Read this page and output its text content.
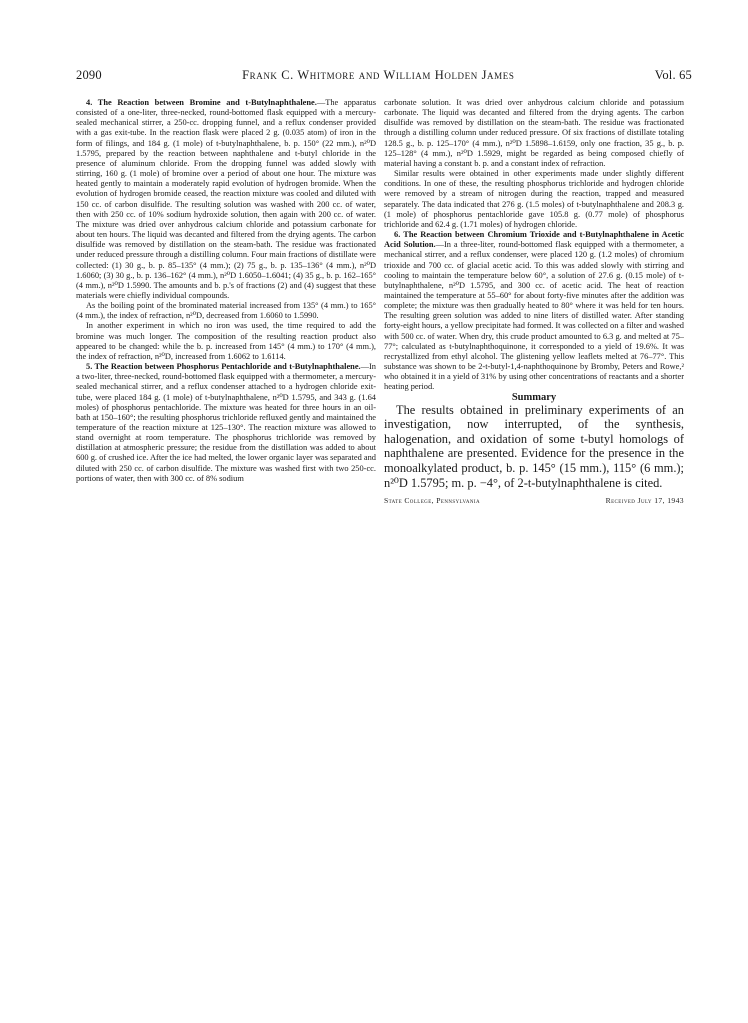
2090	Frank C. Whitmore and William Holden James	Vol. 65

4. The Reaction between Bromine and t-Butylnaphthalene.—The apparatus consisted of a one-liter, three-necked, round-bottomed flask equipped with a mercury-sealed mechanical stirrer, a 250-cc. dropping funnel, and a reflux condenser provided with a gas exit-tube. In the reaction flask were placed 2 g. (0.035 atom) of iron in the form of filings, and 184 g. (1 mole) of t-butylnaphthalene, b. p. 150° (22 mm.), n²⁰D 1.5795, prepared by the reaction between naphthalene and t-butyl chloride in the presence of aluminum chloride. From the dropping funnel was added slowly with stirring, 160 g. (1 mole) of bromine over a period of about one hour. The mixture was heated gently to maintain a moderately rapid evolution of hydrogen bromide. When the evolution of hydrogen bromide ceased, the reaction mixture was cooled and diluted with 150 cc. of carbon disulfide. The resulting solution was washed with 200 cc. of water, then with 250 cc. of 10% sodium hydroxide solution, then again with 200 cc. of water. The mixture was dried over anhydrous calcium chloride and potassium carbonate for about ten hours. The liquid was decanted and filtered from the drying agents. The carbon disulfide was removed by distillation on the steam-bath. The residue was fractionated under reduced pressure through a distilling column. Four main fractions of distillate were collected: (1) 30 g., b. p. 85–135° (4 mm.); (2) 75 g., b. p. 135–136° (4 mm.), n²⁰D 1.6060; (3) 30 g., b. p. 136–162° (4 mm.), n²⁰D 1.6050–1.6041; (4) 35 g., b. p. 162–165° (4 mm.), n²⁰D 1.5990. The amounts and b. p.'s of fractions (2) and (4) suggest that these materials were chiefly individual compounds.

As the boiling point of the brominated material increased from 135° (4 mm.) to 165° (4 mm.), the index of refraction, n²⁰D, decreased from 1.6060 to 1.5990.

In another experiment in which no iron was used, the time required to add the bromine was much longer. The composition of the resulting reaction product also appeared to be changed: while the b. p. increased from 145° (4 mm.) to 170° (4 mm.), the index of refraction, n²⁰D, increased from 1.6062 to 1.6114.

5. The Reaction between Phosphorus Pentachloride and t-Butylnaphthalene.—In a two-liter, three-necked, round-bottomed flask equipped with a thermometer, a mercury-sealed mechanical stirrer, and a reflux condenser attached to a hydrogen chloride exit-tube, were placed 184 g. (1 mole) of t-butylnaphthalene, n²⁰D 1.5795, and 343 g. (1.64 moles) of phosphorus pentachloride. The mixture was heated for three hours in an oil-bath at 150–160°; the resulting phosphorus trichloride refluxed gently and maintained the temperature of the reaction mixture at 125–130°. The reaction mixture was allowed to stand overnight at room temperature. The phosphorus trichloride was removed by distillation at atmospheric pressure; the residue from the distillation was added to about 600 g. of crushed ice. After the ice had melted, the lower organic layer was separated and diluted with 250 cc. of carbon disulfide. The mixture was washed first with two 250-cc. portions of water, then with 300 cc. of 8% sodium

carbonate solution. It was dried over anhydrous calcium chloride and potassium carbonate. The liquid was decanted and filtered from the drying agents. The carbon disulfide was removed by distillation on the steam-bath. The residue was fractionated through a distilling column under reduced pressure. Of six fractions of distillate totaling 128.5 g., b. p. 125–170° (4 mm.), n²⁰D 1.5898–1.6159, only one fraction, 35 g., b. p. 125–128° (4 mm.), n²⁰D 1.5929, might be regarded as being composed chiefly of material having a constant b. p. and a constant index of refraction.

Similar results were obtained in other experiments made under slightly different conditions. In one of these, the resulting phosphorus trichloride and hydrogen chloride were removed by a stream of nitrogen during the reaction, trapped and measured separately. The data indicated that 276 g. (1.5 moles) of t-butylnaphthalene and 208.3 g. (1 mole) of phosphorus pentachloride gave 105.8 g. (0.77 mole) of phosphorus trichloride and 62.4 g. (1.71 moles) of hydrogen chloride.

6. The Reaction between Chromium Trioxide and t-Butylnaphthalene in Acetic Acid Solution.—In a three-liter, round-bottomed flask equipped with a thermometer, a mechanical stirrer, and a reflux condenser, were placed 120 g. (1.2 moles) of chromium trioxide and 700 cc. of glacial acetic acid. To this was added slowly with stirring and cooling to maintain the temperature below 60°, a solution of 27.6 g. (0.15 mole) of t-butylnaphthalene, n²⁰D 1.5795, and 300 cc. of acetic acid. The heat of reaction maintained the temperature at 55–60° for about forty-five minutes after the addition was complete; the mixture was then gradually heated to 80° where it was held for ten hours. The resulting green solution was added to nine liters of distilled water. After standing forty-eight hours, a yellow precipitate had formed. It was collected on a filter and washed with 500 cc. of water. When dry, this crude product amounted to 6.3 g. and melted at 75–77°; calculated as t-butylnaphthoquinone, it corresponded to a yield of 19.6%. It was recrystallized from ethyl alcohol. The glistening yellow leaflets melted at 76–77°. This substance was shown to be 2-t-butyl-1,4-naphthoquinone by Bromby, Peters and Rowe,² who obtained it in a yield of 31% by using other concentrations of reactants and a shorter heating period.

Summary

The results obtained in preliminary experiments of an investigation, now interrupted, of the synthesis, halogenation, and oxidation of some t-butyl homologs of naphthalene are presented. Evidence for the presence in the monoalkylated product, b. p. 145° (15 mm.), 115° (6 mm.); n²⁰D 1.5795; m. p. −4°, of 2-t-butylnaphthalene is cited.

State College, Pennsylvania	Received July 17, 1943
